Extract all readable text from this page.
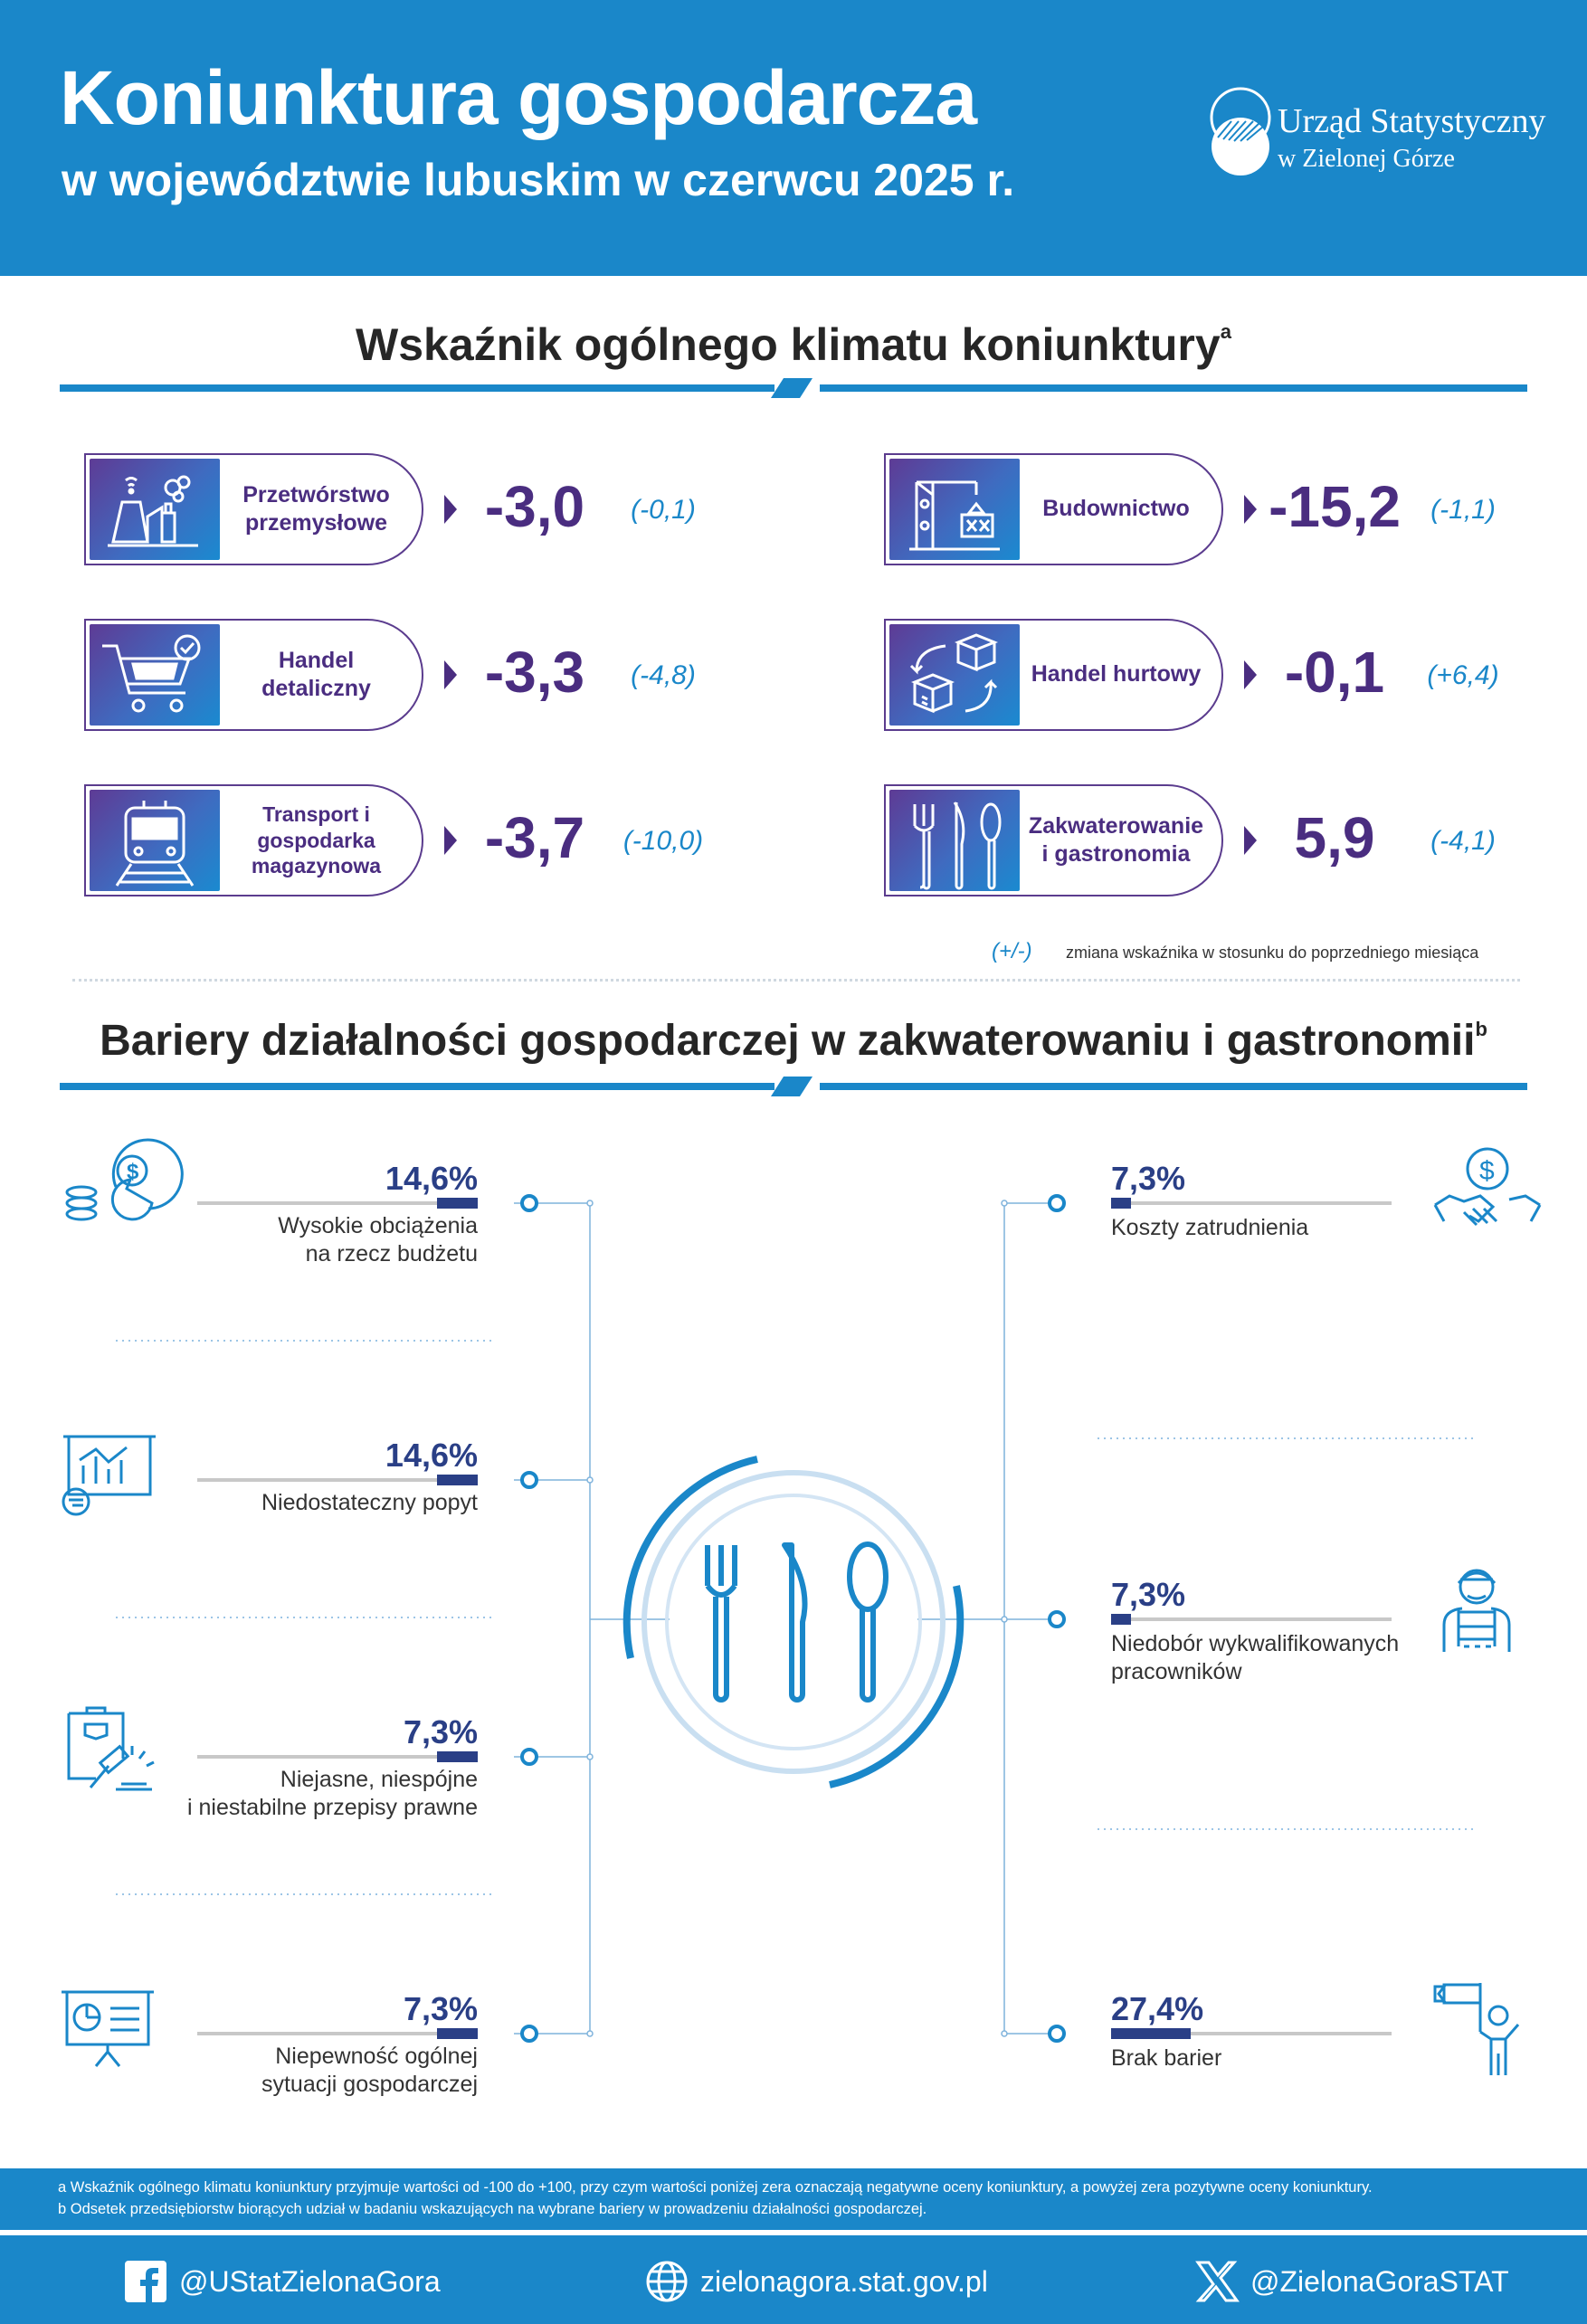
Koniunktura gospodarcza
w województwie lubuskim w czerwcu 2025 r.
Urząd Statystyczny
w Zielonej Górze
Wskaźnik ogólnego klimatu koniunktury$^a$
Przetwórstwo przemysłowe	-3,0	(-0,1)	Budownictwo	-15,2	(-1,1)
Handel detaliczny	-3,3	(-4,8)	Handel hurtowy	-0,1	(+6,4)
Transport i gospodarka magazynowa	-3,7	(-10,0)
Zakwaterowanie i gastronomia	5,9	(-4,1)
(+/-) zmiana wskaźnika w stosunku do poprzedniego miesiąca
Bariery działalności gospodarczej w zakwaterowaniu i gastronomii$^b$
$	$
14,6%
Wysokie obciążenia
na rzecz budżetu
14,6%
Niedostateczny popyt
7,3%
Niejasne, niespójne
i niestabilne przepisy prawne
7,3%
Niepewność ogólnej
sytuacji gospodarczej
7,3%
Koszty zatrudnienia
7,3%
Niedobór wykwalifikowanych
pracowników
27,4%
Brak barier
a Wskaźnik ogólnego klimatu koniunktury przyjmuje wartości od -100 do +100, przy czym wartości poniżej zera oznaczają negatywne oceny koniunktury, a powyżej zera pozytywne oceny koniunktury.
b Odsetek przedsiębiorstw biorących udział w badaniu wskazujących na wybrane bariery w prowadzeniu działalności gospodarczej.
@UStatZielonaGora	zielonagora.stat.gov.pl	@ZielonaGoraSTAT
